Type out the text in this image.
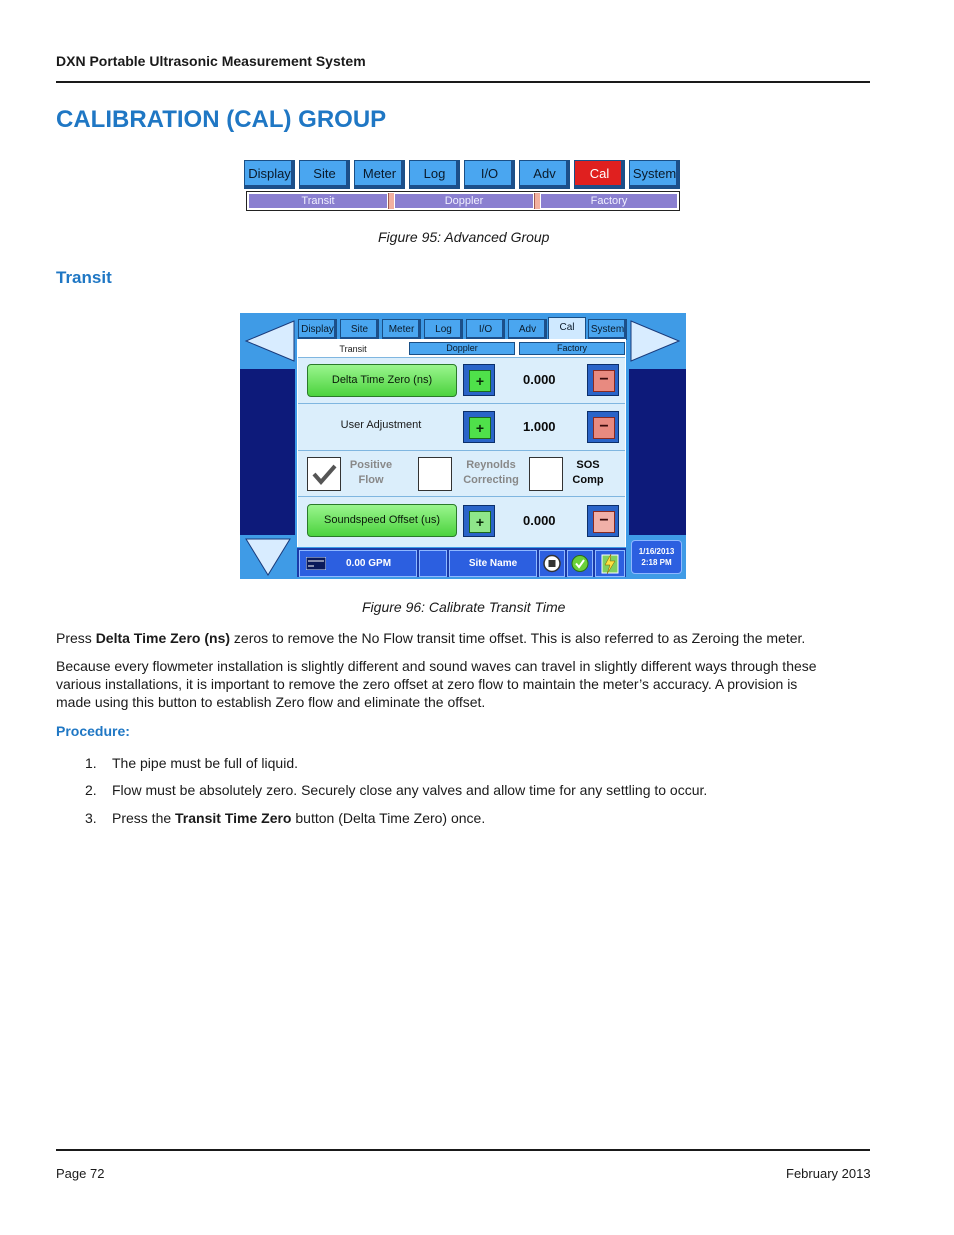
DXN Portable Ultrasonic Measurement System
CALIBRATION (CAL) GROUP
Display	Site	Meter	Log	I/O	Adv	Cal	System
Transit	Doppler	Factory
Figure 95: Advanced Group
Transit
Display	Site	Meter	Log	I/O	Adv	Cal	System
Transit	Doppler	Factory
Delta Time Zero (ns)	+	0.000	−
User Adjustment	+	1.000	−
Positive Flow
Reynolds Correcting
SOS Comp
Soundspeed Offset (us)	+	0.000	−
0.00 GPM	Site Name
1/16/2013
2:18 PM
Figure 96: Calibrate Transit Time
Press Delta Time Zero (ns) zeros to remove the No Flow transit time offset. This is also referred to as Zeroing the meter.
Because every flowmeter installation is slightly different and sound waves can travel in slightly different ways through these
various installations, it is important to remove the zero offset at zero flow to maintain the meter’s accuracy. A provision is
made using this button to establish Zero flow and eliminate the offset.
Procedure:
1. The pipe must be full of liquid.
2. Flow must be absolutely zero. Securely close any valves and allow time for any settling to occur.
3. Press the Transit Time Zero button (Delta Time Zero) once.
Page 72	February 2013
